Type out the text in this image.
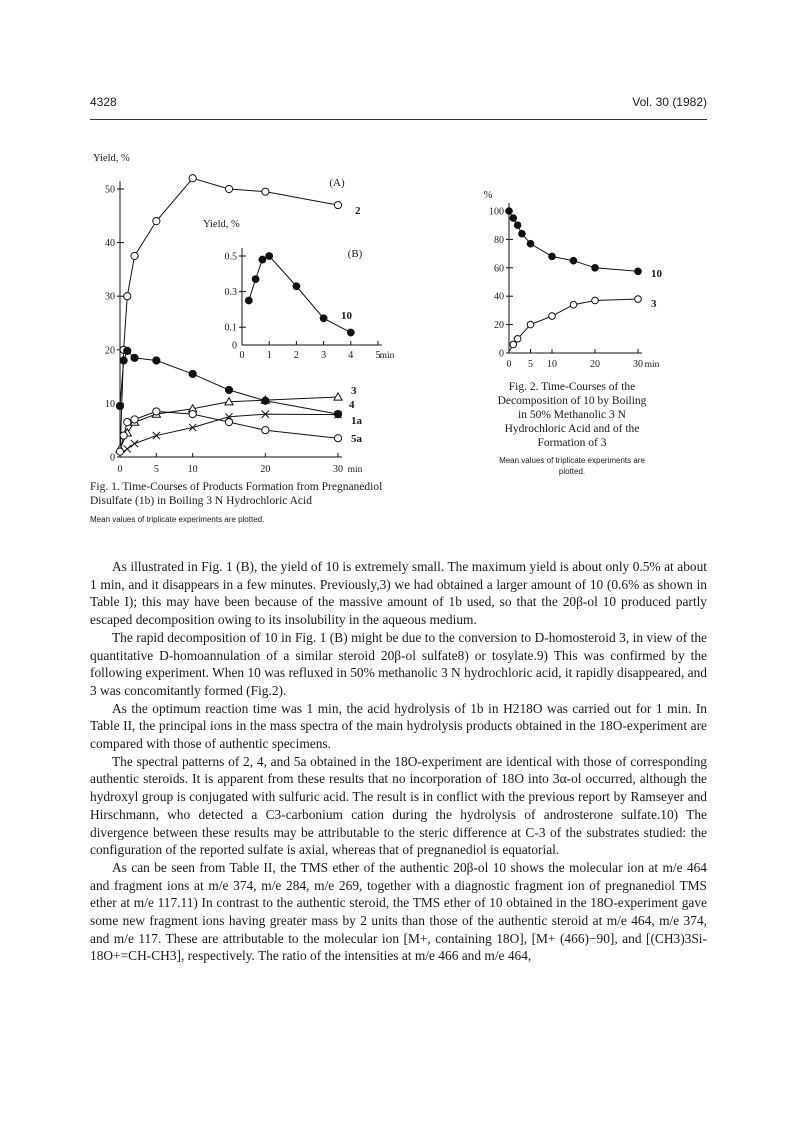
4328	Vol. 30 (1982)
0
10
20
30
40
50
0	5	10	20	30 min
Yield, %
(A)
2
3
4
1a
5a
0.1
0.3
0.5
0
0 1 2 3 4 5 min
Yield, %
(B)
10
0
20
40
60
80
100
0 5 10	20	30 min
%
10
3
Fig. 1. Time-Courses of Products Formation from Pregnanediol Disulfate (1b) in Boiling 3 N Hydrochloric Acid
Mean values of triplicate experiments are plotted.
Fig. 2. Time-Courses of the Decomposition of 10 by Boiling in 50% Methanolic 3 N Hydrochloric Acid and of the Formation of 3
Mean values of triplicate experiments are plotted.

As illustrated in Fig. 1 (B), the yield of 10 is extremely small. The maximum yield is about only 0.5% at about 1 min, and it disappears in a few minutes. Previously,3) we had obtained a larger amount of 10 (0.6% as shown in Table I); this may have been because of the massive amount of 1b used, so that the 20β-ol 10 produced partly escaped decomposition owing to its insolubility in the aqueous medium.

The rapid decomposition of 10 in Fig. 1 (B) might be due to the conversion to D-homosteroid 3, in view of the quantitative D-homoannulation of a similar steroid 20β-ol sulfate8) or tosylate.9) This was confirmed by the following experiment. When 10 was refluxed in 50% methanolic 3 N hydrochloric acid, it rapidly disappeared, and 3 was concomitantly formed (Fig.2).

As the optimum reaction time was 1 min, the acid hydrolysis of 1b in H218O was carried out for 1 min. In Table II, the principal ions in the mass spectra of the main hydrolysis products obtained in the 18O-experiment are compared with those of authentic specimens.

The spectral patterns of 2, 4, and 5a obtained in the 18O-experiment are identical with those of corresponding authentic steroids. It is apparent from these results that no incorporation of 18O into 3α-ol occurred, although the hydroxyl group is conjugated with sulfuric acid. The result is in conflict with the previous report by Ramseyer and Hirschmann, who detected a C3-carbonium cation during the hydrolysis of androsterone sulfate.10) The divergence between these results may be attributable to the steric difference at C-3 of the substrates studied: the configuration of the reported sulfate is axial, whereas that of pregnanediol is equatorial.

As can be seen from Table II, the TMS ether of the authentic 20β-ol 10 shows the molecular ion at m/e 464 and fragment ions at m/e 374, m/e 284, m/e 269, together with a diagnostic fragment ion of pregnanediol TMS ether at m/e 117.11) In contrast to the authentic steroid, the TMS ether of 10 obtained in the 18O-experiment gave some new fragment ions having greater mass by 2 units than those of the authentic steroid at m/e 464, m/e 374, and m/e 117. These are attributable to the molecular ion [M+, containing 18O], [M+ (466)−90], and [(CH3)3Si-18O+=CH-CH3], respectively. The ratio of the intensities at m/e 466 and m/e 464,
